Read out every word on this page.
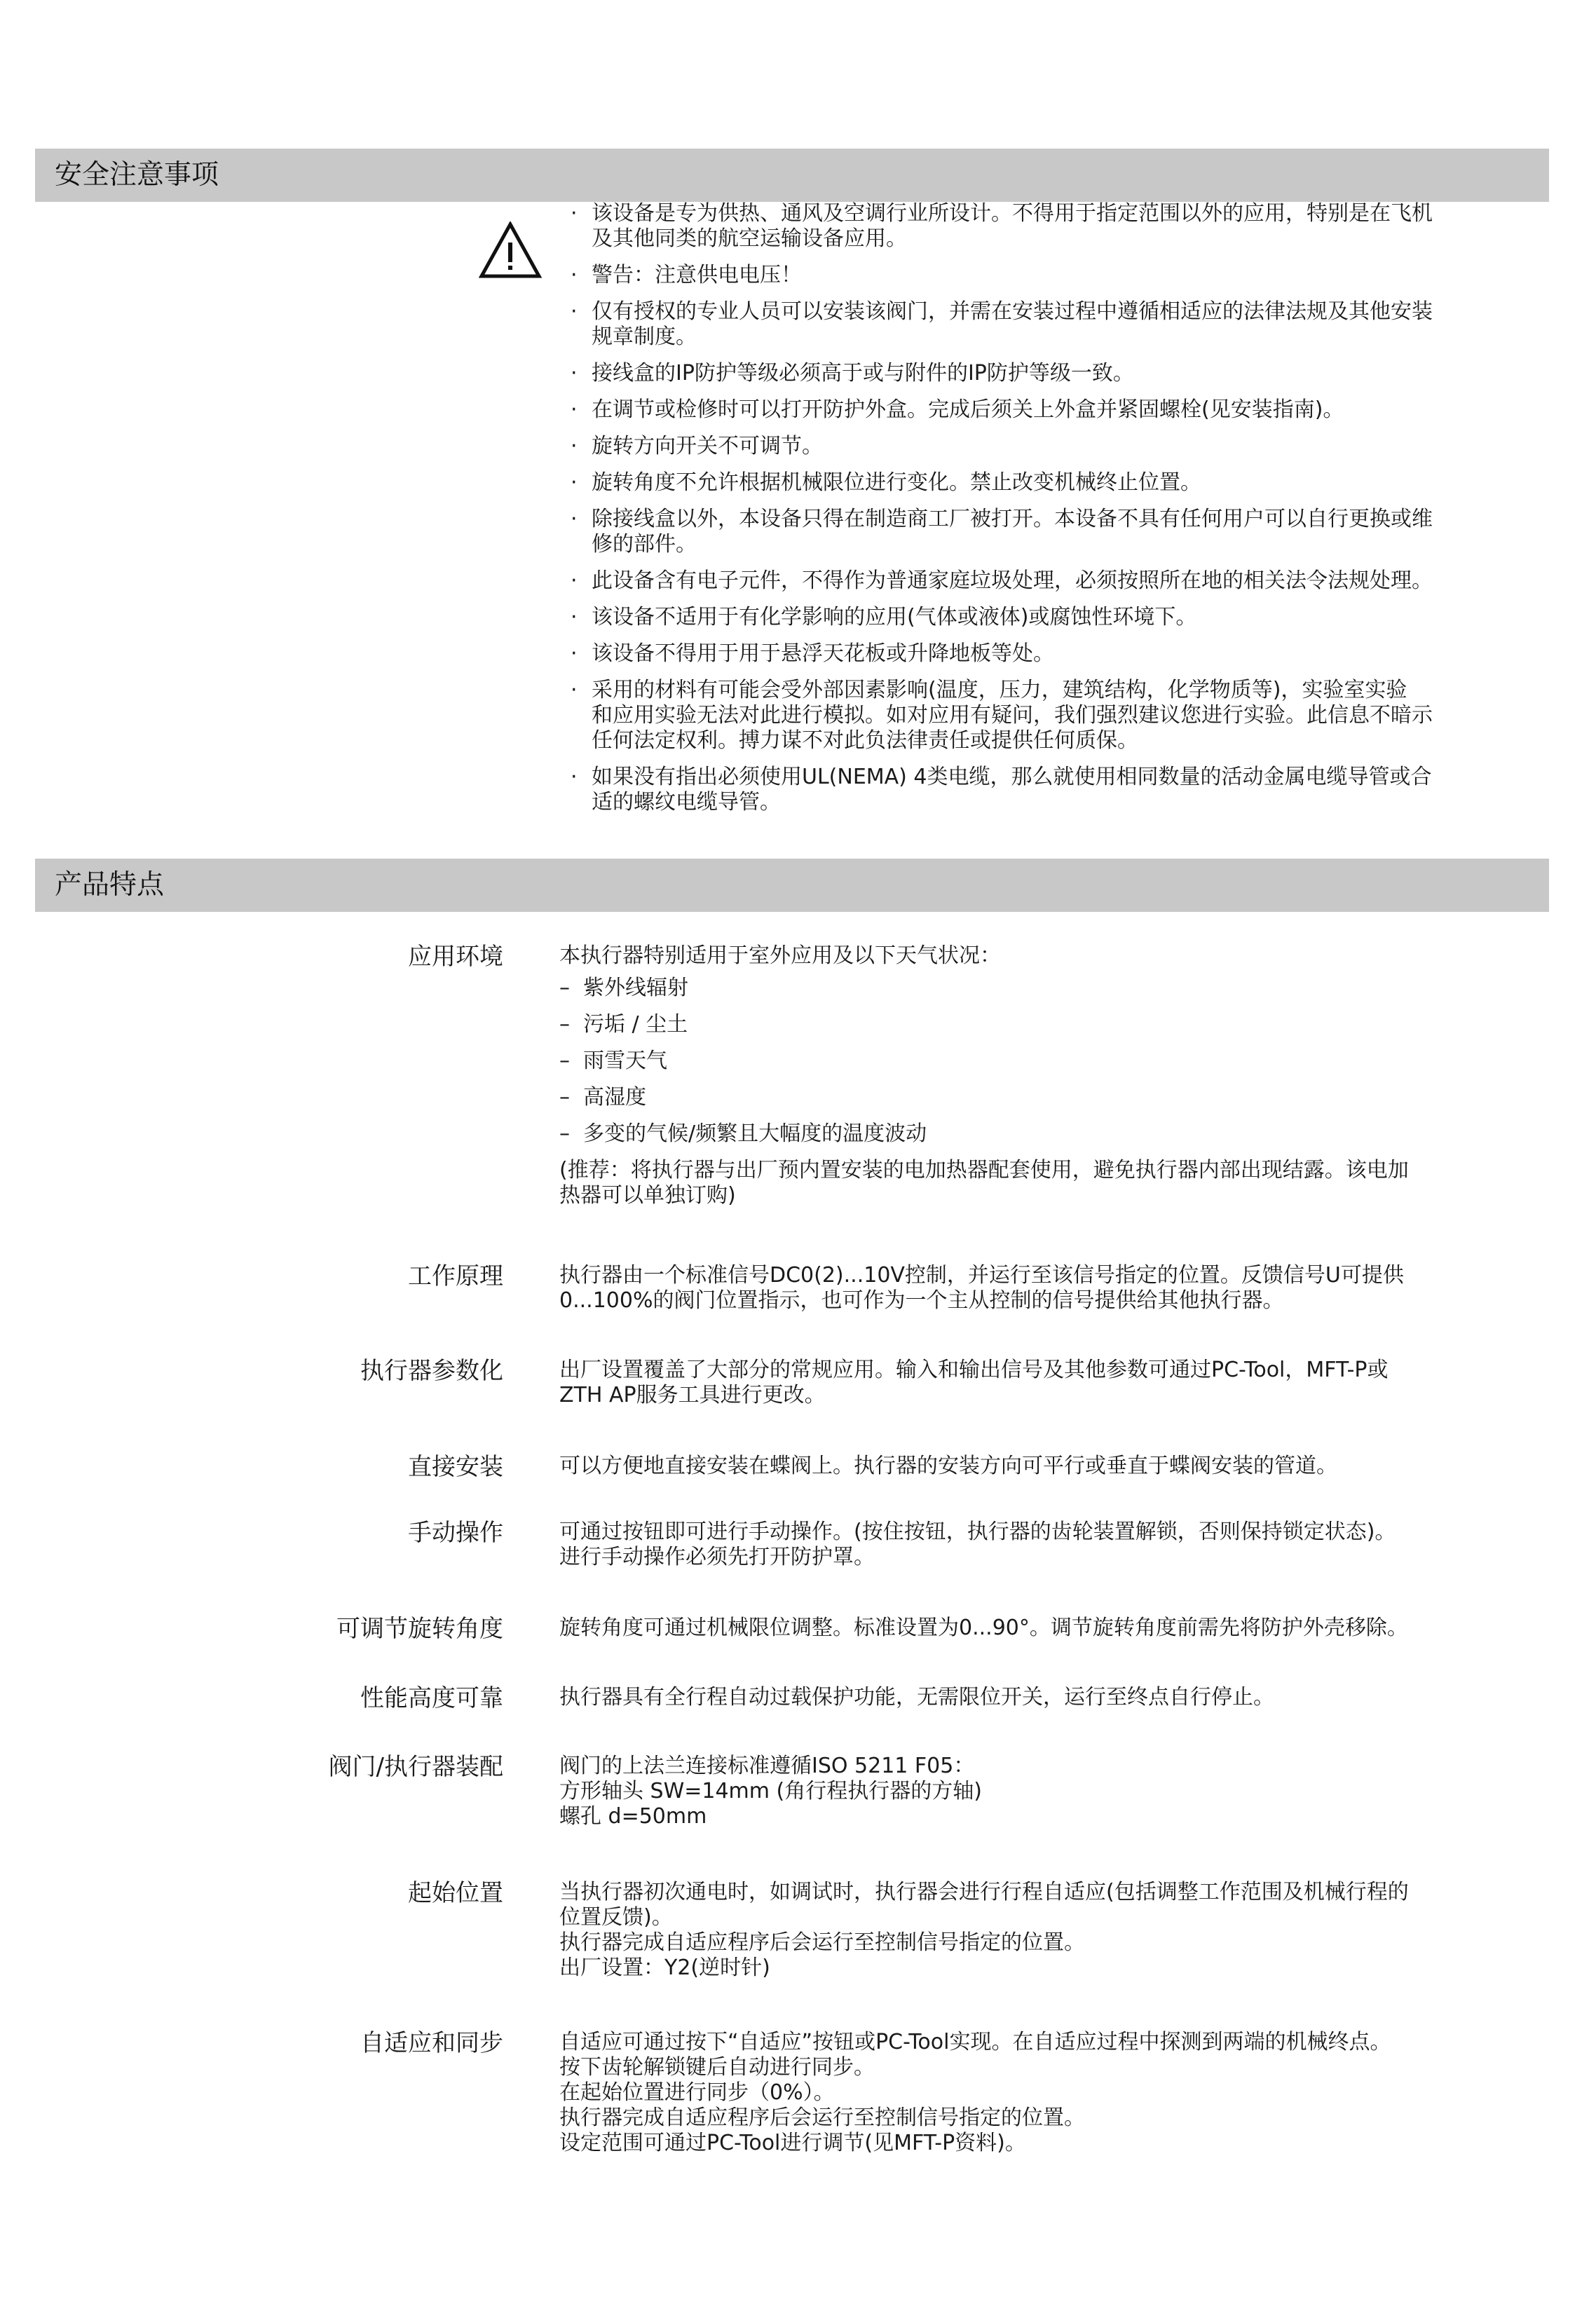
安全注意事项
· 该设备是专为供热、通风及空调行业所设计。不得用于指定范围以外的应用，特别是在飞机
及其他同类的航空运输设备应用。
· 警告：注意供电电压！
· 仅有授权的专业人员可以安装该阀门，并需在安装过程中遵循相适应的法律法规及其他安装
规章制度。
· 接线盒的IP防护等级必须高于或与附件的IP防护等级一致。
· 在调节或检修时可以打开防护外盒。完成后须关上外盒并紧固螺栓(见安装指南)。
· 旋转方向开关不可调节。
· 旋转角度不允许根据机械限位进行变化。禁止改变机械终止位置。
· 除接线盒以外，本设备只得在制造商工厂被打开。本设备不具有任何用户可以自行更换或维
修的部件。
· 此设备含有电子元件，不得作为普通家庭垃圾处理，必须按照所在地的相关法令法规处理。
· 该设备不适用于有化学影响的应用(气体或液体)或腐蚀性环境下。
· 该设备不得用于用于悬浮天花板或升降地板等处。
· 采用的材料有可能会受外部因素影响(温度，压力，建筑结构，化学物质等)，实验室实验
和应用实验无法对此进行模拟。如对应用有疑问，我们强烈建议您进行实验。此信息不暗示
任何法定权利。搏力谋不对此负法律责任或提供任何质保。
· 如果没有指出必须使用UL(NEMA) 4类电缆，那么就使用相同数量的活动金属电缆导管或合
适的螺纹电缆导管。
产品特点
应用环境	本执行器特别适用于室外应用及以下天气状况：

– 紫外线辐射
– 污垢 / 尘土
– 雨雪天气
– 高湿度
– 多变的气候/频繁且大幅度的温度波动

(推荐：将执行器与出厂预内置安装的电加热器配套使用，避免执行器内部出现结露。该电加
热器可以单独订购)

工作原理	执行器由一个标准信号DC0(2)...10V控制，并运行至该信号指定的位置。反馈信号U可提供
0...100%的阀门位置指示，也可作为一个主从控制的信号提供给其他执行器。

执行器参数化	出厂设置覆盖了大部分的常规应用。输入和输出信号及其他参数可通过PC-Tool，MFT-P或
ZTH AP服务工具进行更改。

直接安装	可以方便地直接安装在蝶阀上。执行器的安装方向可平行或垂直于蝶阀安装的管道。

手动操作	可通过按钮即可进行手动操作。(按住按钮，执行器的齿轮装置解锁，否则保持锁定状态)。
进行手动操作必须先打开防护罩。

可调节旋转角度	旋转角度可通过机械限位调整。标准设置为0...90°。调节旋转角度前需先将防护外壳移除。

性能高度可靠	执行器具有全行程自动过载保护功能，无需限位开关，运行至终点自行停止。

阀门/执行器装配	阀门的上法兰连接标准遵循ISO 5211 F05：
方形轴头 SW=14mm (角行程执行器的方轴)
螺孔 d=50mm

起始位置	当执行器初次通电时，如调试时，执行器会进行行程自适应(包括调整工作范围及机械行程的
位置反馈)。
执行器完成自适应程序后会运行至控制信号指定的位置。
出厂设置：Y2(逆时针)

自适应和同步	自适应可通过按下“自适应”按钮或PC-Tool实现。在自适应过程中探测到两端的机械终点。
按下齿轮解锁键后自动进行同步。
在起始位置进行同步（0%）。
执行器完成自适应程序后会运行至控制信号指定的位置。
设定范围可通过PC-Tool进行调节(见MFT-P资料)。
